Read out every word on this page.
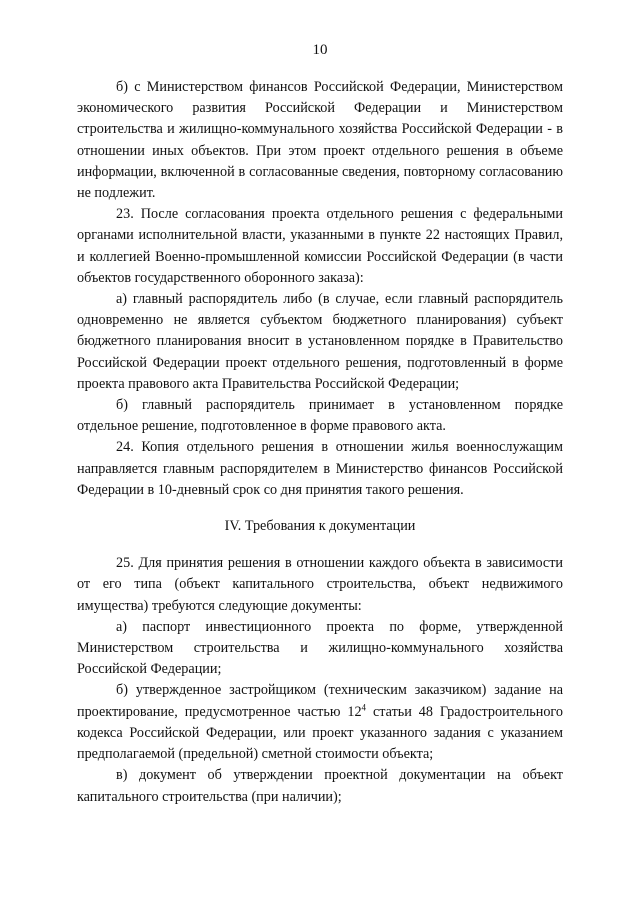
10

б) с Министерством финансов Российской Федерации, Министерством экономического развития Российской Федерации и Министерством строительства и жилищно-коммунального хозяйства Российской Федерации - в отношении иных объектов. При этом проект отдельного решения в объеме информации, включенной в согласованные сведения, повторному согласованию не подлежит.

23. После согласования проекта отдельного решения с федеральными органами исполнительной власти, указанными в пункте 22 настоящих Правил, и коллегией Военно-промышленной комиссии Российской Федерации (в части объектов государственного оборонного заказа):

а) главный распорядитель либо (в случае, если главный распорядитель одновременно не является субъектом бюджетного планирования) субъект бюджетного планирования вносит в установленном порядке в Правительство Российской Федерации проект отдельного решения, подготовленный в форме проекта правового акта Правительства Российской Федерации;

б) главный распорядитель принимает в установленном порядке отдельное решение, подготовленное в форме правового акта.

24. Копия отдельного решения в отношении жилья военнослужащим направляется главным распорядителем в Министерство финансов Российской Федерации в 10-дневный срок со дня принятия такого решения.

IV. Требования к документации

25. Для принятия решения в отношении каждого объекта в зависимости от его типа (объект капитального строительства, объект недвижимого имущества) требуются следующие документы:

а) паспорт инвестиционного проекта по форме, утвержденной Министерством строительства и жилищно-коммунального хозяйства Российской Федерации;

б) утвержденное застройщиком (техническим заказчиком) задание на проектирование, предусмотренное частью $12^4$ статьи 48 Градостроительного кодекса Российской Федерации, или проект указанного задания с указанием предполагаемой (предельной) сметной стоимости объекта;

в) документ об утверждении проектной документации на объект капитального строительства (при наличии);
